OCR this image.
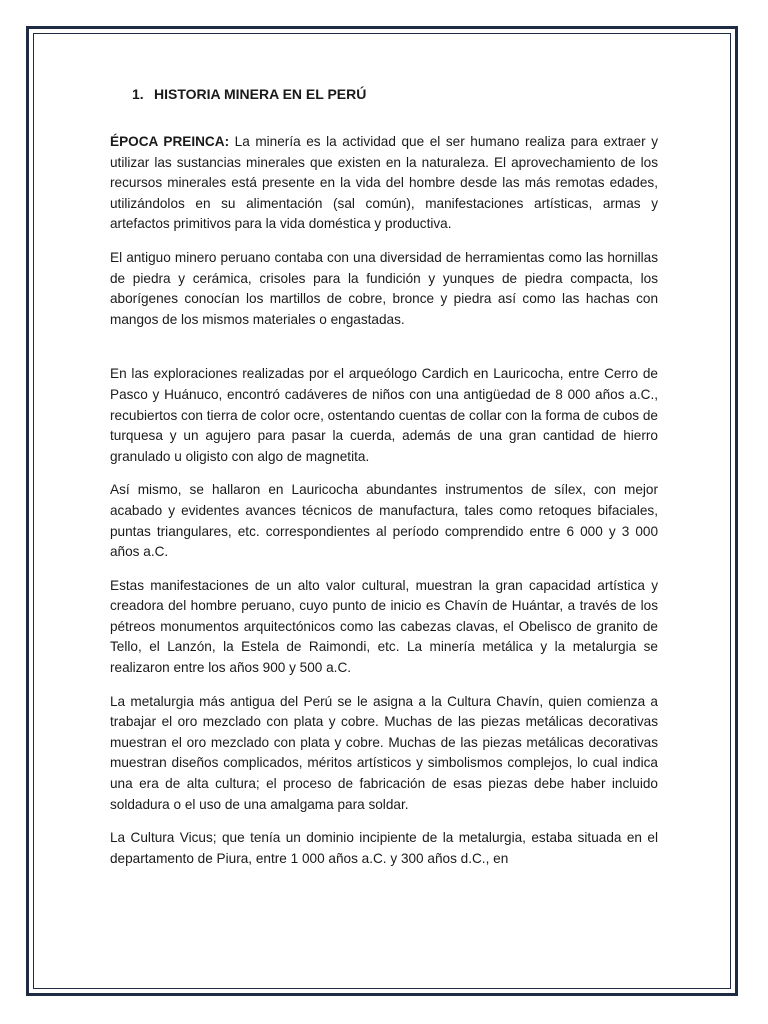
1. HISTORIA MINERA EN EL PERÚ

ÉPOCA PREINCA: La minería es la actividad que el ser humano realiza para extraer y utilizar las sustancias minerales que existen en la naturaleza. El aprovechamiento de los recursos minerales está presente en la vida del hombre desde las más remotas edades, utilizándolos en su alimentación (sal común), manifestaciones artísticas, armas y artefactos primitivos para la vida doméstica y productiva.

El antiguo minero peruano contaba con una diversidad de herramientas como las hornillas de piedra y cerámica, crisoles para la fundición y yunques de piedra compacta, los aborígenes conocían los martillos de cobre, bronce y piedra así como las hachas con mangos de los mismos materiales o engastadas.

En las exploraciones realizadas por el arqueólogo Cardich en Lauricocha, entre Cerro de Pasco y Huánuco, encontró cadáveres de niños con una antigüedad de 8 000 años a.C., recubiertos con tierra de color ocre, ostentando cuentas de collar con la forma de cubos de turquesa y un agujero para pasar la cuerda, además de una gran cantidad de hierro granulado u oligisto con algo de magnetita.

Así mismo, se hallaron en Lauricocha abundantes instrumentos de sílex, con mejor acabado y evidentes avances técnicos de manufactura, tales como retoques bifaciales, puntas triangulares, etc. correspondientes al período comprendido entre 6 000 y 3 000 años a.C.

Estas manifestaciones de un alto valor cultural, muestran la gran capacidad artística y creadora del hombre peruano, cuyo punto de inicio es Chavín de Huántar, a través de los pétreos monumentos arquitectónicos como las cabezas clavas, el Obelisco de granito de Tello, el Lanzón, la Estela de Raimondi, etc. La minería metálica y la metalurgia se realizaron entre los años 900 y 500 a.C.

La metalurgia más antigua del Perú se le asigna a la Cultura Chavín, quien comienza a trabajar el oro mezclado con plata y cobre. Muchas de las piezas metálicas decorativas muestran el oro mezclado con plata y cobre. Muchas de las piezas metálicas decorativas muestran diseños complicados, méritos artísticos y simbolismos complejos, lo cual indica una era de alta cultura; el proceso de fabricación de esas piezas debe haber incluido soldadura o el uso de una amalgama para soldar.

La Cultura Vicus; que tenía un dominio incipiente de la metalurgia, estaba situada en el departamento de Piura, entre 1 000 años a.C. y 300 años d.C., en
